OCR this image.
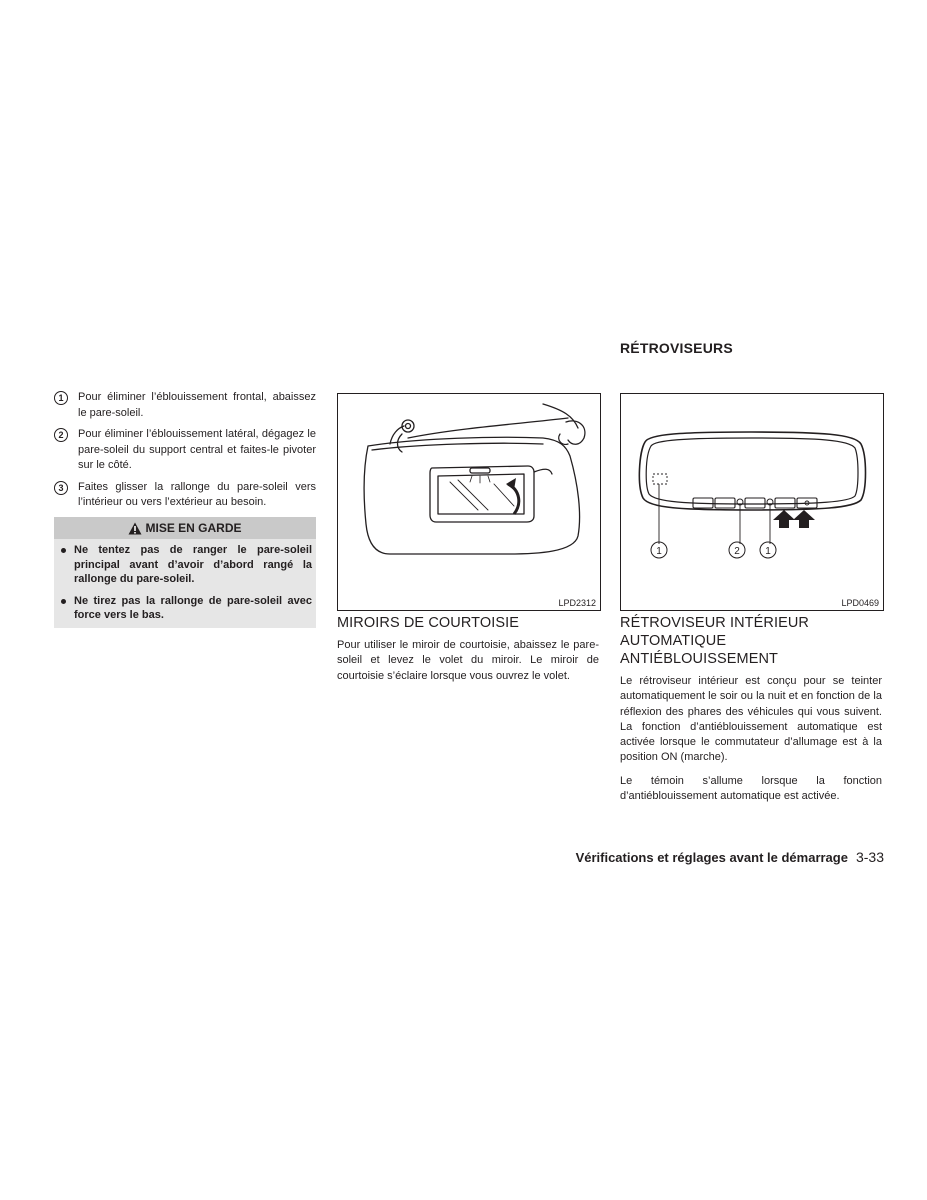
RÉTROVISEURS
1	Pour éliminer l’éblouissement frontal, abaissez le pare-soleil.
2	Pour éliminer l’éblouissement latéral, dégagez le pare-soleil du support central et faites-le pivoter sur le côté.
3	Faites glisser la rallonge du pare-soleil vers l’intérieur ou vers l’extérieur au besoin.
MISE EN GARDE
Ne tentez pas de ranger le pare-soleil principal avant d’avoir d’abord rangé la rallonge du pare-soleil.
Ne tirez pas la rallonge de pare-soleil avec force vers le bas.
LPD2312
1	2	1
LPD0469
MIROIRS DE COURTOISIE
Pour utiliser le miroir de courtoisie, abaissez le pare-soleil et levez le volet du miroir. Le miroir de courtoisie s’éclaire lorsque vous ouvrez le volet.
RÉTROVISEUR INTÉRIEUR
AUTOMATIQUE
ANTIÉBLOUISSEMENT
Le rétroviseur intérieur est conçu pour se teinter automatiquement le soir ou la nuit et en fonction de la réflexion des phares des véhicules qui vous suivent. La fonction d’antiéblouissement automatique est activée lorsque le commutateur d’allumage est à la position ON (marche).
Le témoin s’allume lorsque la fonction d’antiéblouissement automatique est activée.
Vérifications et réglages avant le démarrage 3-33
